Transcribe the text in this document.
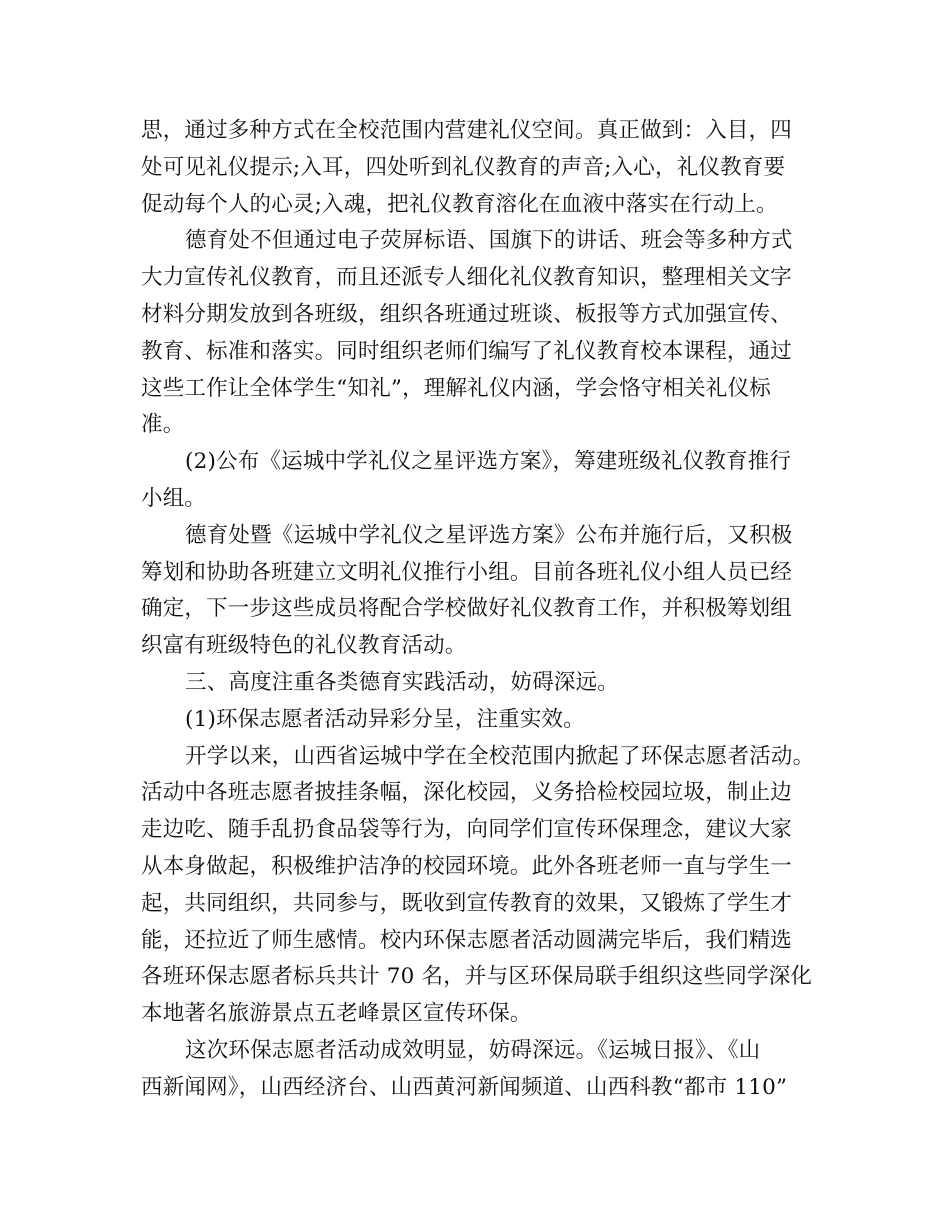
思，通过多种方式在全校范围内营建礼仪空间。真正做到：入目，四
处可见礼仪提示;入耳，四处听到礼仪教育的声音;入心，礼仪教育要
促动每个人的心灵;入魂，把礼仪教育溶化在血液中落实在行动上。
德育处不但通过电子荧屏标语、国旗下的讲话、班会等多种方式
大力宣传礼仪教育，而且还派专人细化礼仪教育知识，整理相关文字
材料分期发放到各班级，组织各班通过班谈、板报等方式加强宣传、
教育、标准和落实。同时组织老师们编写了礼仪教育校本课程，通过
这些工作让全体学生“知礼”，理解礼仪内涵，学会恪守相关礼仪标
准。
(2)公布《运城中学礼仪之星评选方案》，筹建班级礼仪教育推行
小组。
德育处暨《运城中学礼仪之星评选方案》公布并施行后，又积极
筹划和协助各班建立文明礼仪推行小组。目前各班礼仪小组人员已经
确定，下一步这些成员将配合学校做好礼仪教育工作，并积极筹划组
织富有班级特色的礼仪教育活动。
三、高度注重各类德育实践活动，妨碍深远。
(1)环保志愿者活动异彩分呈，注重实效。
开学以来，山西省运城中学在全校范围内掀起了环保志愿者活动。
活动中各班志愿者披挂条幅，深化校园，义务拾检校园垃圾，制止边
走边吃、随手乱扔食品袋等行为，向同学们宣传环保理念，建议大家
从本身做起，积极维护洁净的校园环境。此外各班老师一直与学生一
起，共同组织，共同参与，既收到宣传教育的效果，又锻炼了学生才
能，还拉近了师生感情。校内环保志愿者活动圆满完毕后，我们精选
各班环保志愿者标兵共计 70 名，并与区环保局联手组织这些同学深化
本地著名旅游景点五老峰景区宣传环保。
这次环保志愿者活动成效明显，妨碍深远。《运城日报》、《山
西新闻网》，山西经济台、山西黄河新闻频道、山西科教“都市 110”
